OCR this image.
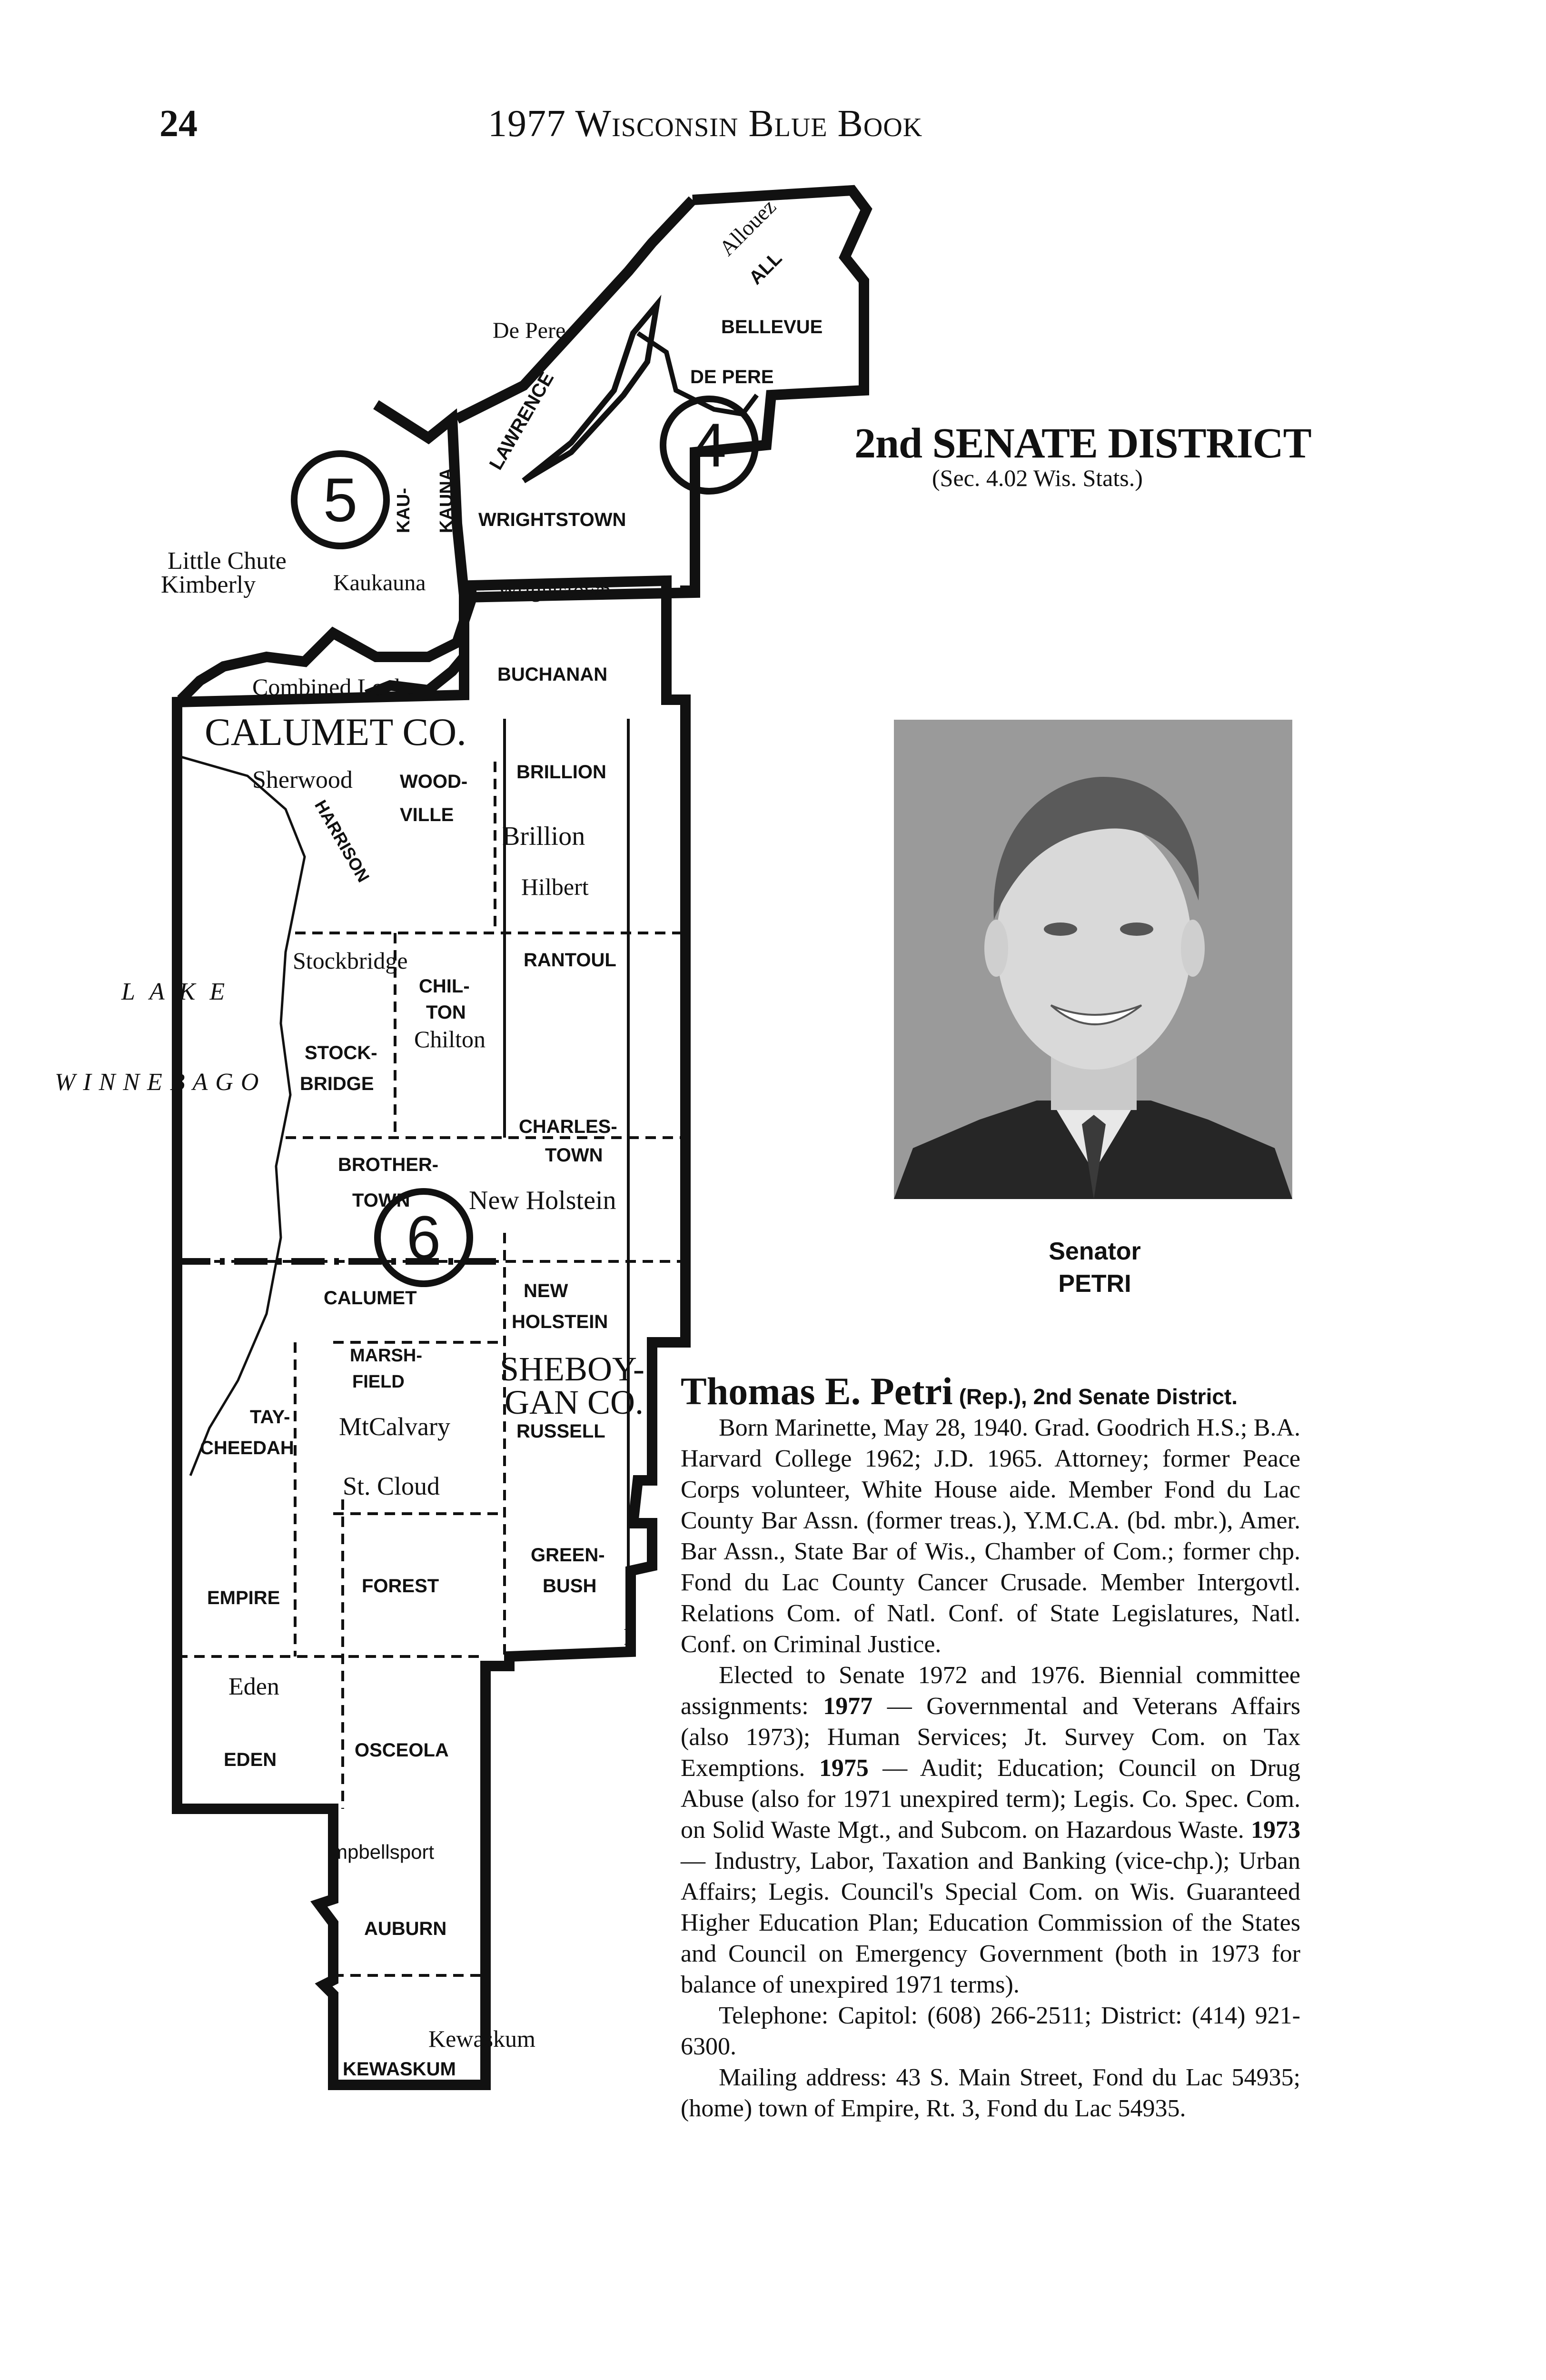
24	1977 Wisconsin Blue Book
2nd SENATE DISTRICT
(Sec. 4.02 Wis. Stats.)
5
4
6
De Pere
Allouez
ALL
BELLEVUE
DE PERE
LAWRENCE
KAU- KAUNA WRIGHTSTOWN
Wrightstown
Little Chute
Kimberly	Kaukauna
Combined Locks	BUCHANAN
CALUMET CO.
Sherwood WOOD-
VILLE
BRILLION
Brillion
Hilbert
HARRISON
Stockbridge	RANTOUL
LAKE
WINNEBAGO
CHIL-
TON
Chilton
STOCK-
BRIDGE
CHARLES-
TOWN
BROTHER-
TOWN New Holstein
CALUMET	NEW
HOLSTEIN
MARSH-
FIELD	SHEBOY-
GAN CO.
TAY-
CHEEDAH
MtCalvary	RUSSELL
St. Cloud
GREEN-
BUSH
EMPIRE
FOREST
P
Eden
EDEN	OSCEOLA
mpbellsport
AUBURN
Kewaskum
KEWASKUM
Senator
PETRI

Thomas E. Petri (Rep.), 2nd Senate District.
Born Marinette, May 28, 1940. Grad. Goodrich H.S.; B.A. Harvard College 1962; J.D. 1965. Attorney; former Peace Corps volunteer, White House aide. Member Fond du Lac County Bar Assn. (former treas.), Y.M.C.A. (bd. mbr.), Amer. Bar Assn., State Bar of Wis., Chamber of Com.; former chp. Fond du Lac County Cancer Crusade. Member Intergovtl. Relations Com. of Natl. Conf. of State Legislatures, Natl. Conf. on Criminal Justice.

Elected to Senate 1972 and 1976. Biennial committee assignments: 1977 — Governmental and Veterans Affairs (also 1973); Human Services; Jt. Survey Com. on Tax Exemptions. 1975 — Audit; Education; Council on Drug Abuse (also for 1971 unexpired term); Legis. Co. Spec. Com. on Solid Waste Mgt., and Subcom. on Hazardous Waste. 1973 — Industry, Labor, Taxation and Banking (vice-chp.); Urban Affairs; Legis. Council's Special Com. on Wis. Guaranteed Higher Education Plan; Education Commission of the States and Council on Emergency Government (both in 1973 for balance of unexpired 1971 terms).

Telephone: Capitol: (608) 266-2511; District: (414) 921-6300.

Mailing address: 43 S. Main Street, Fond du Lac 54935; (home) town of Empire, Rt. 3, Fond du Lac 54935.
